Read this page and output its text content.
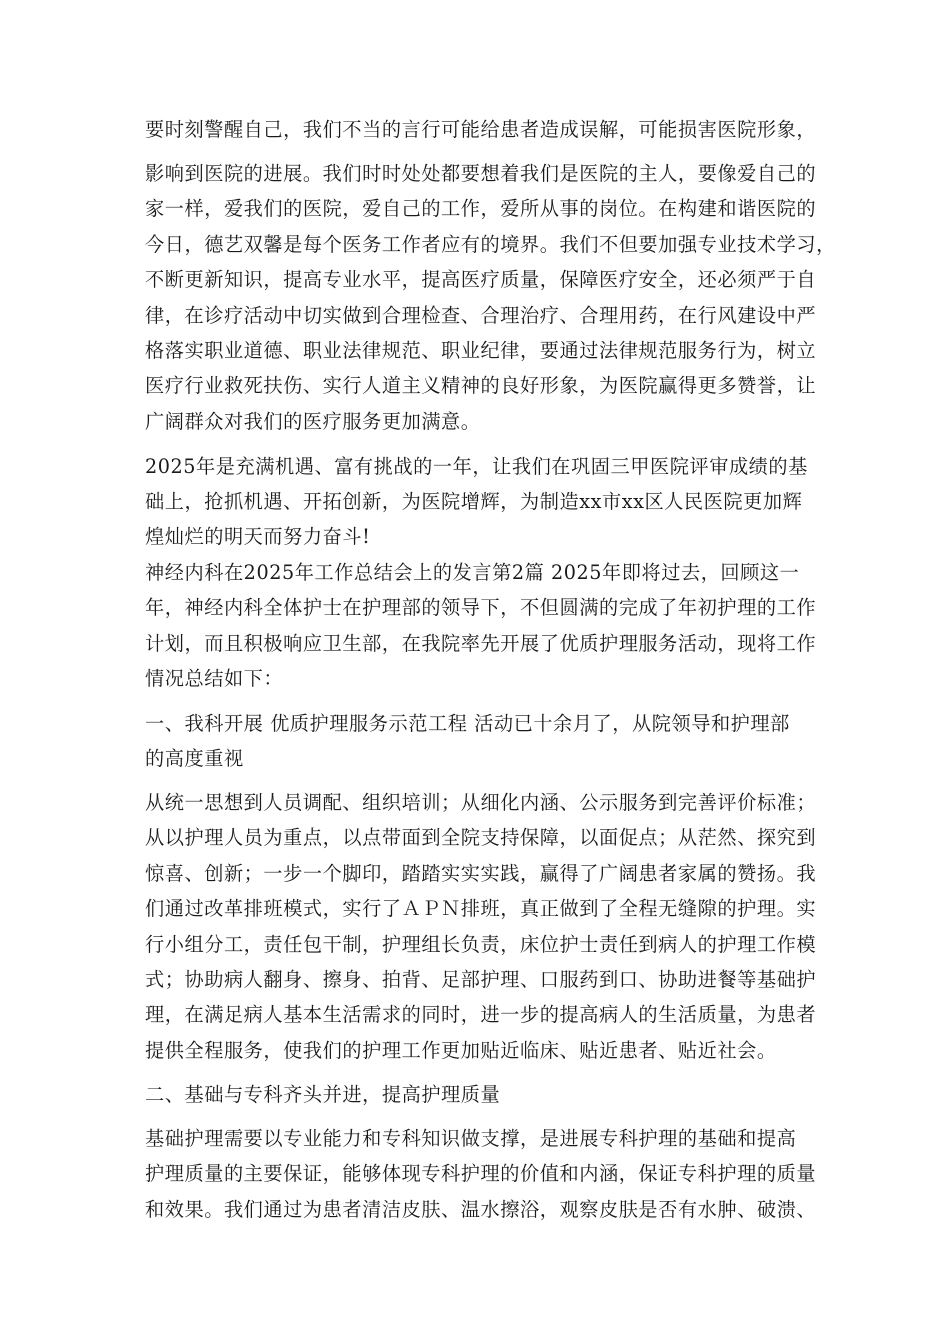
要时刻警醒自己，我们不当的言行可能给患者造成误解，可能损害医院形象，
影响到医院的进展。我们时时处处都要想着我们是医院的主人，要像爱自己的
家一样，爱我们的医院，爱自己的工作，爱所从事的岗位。在构建和谐医院的
今日，德艺双馨是每个医务工作者应有的境界。我们不但要加强专业技术学习，
不断更新知识，提高专业水平，提高医疗质量，保障医疗安全，还必须严于自
律，在诊疗活动中切实做到合理检查、合理治疗、合理用药，在行风建设中严
格落实职业道德、职业法律规范、职业纪律，要通过法律规范服务行为，树立
医疗行业救死扶伤、实行人道主义精神的良好形象，为医院赢得更多赞誉，让
广阔群众对我们的医疗服务更加满意。
2025年是充满机遇、富有挑战的一年，让我们在巩固三甲医院评审成绩的基
础上，抢抓机遇、开拓创新，为医院增辉，为制造xx市xx区人民医院更加辉
煌灿烂的明天而努力奋斗!
神经内科在2025年工作总结会上的发言第2篇 2025年即将过去，回顾这一
年，神经内科全体护士在护理部的领导下，不但圆满的完成了年初护理的工作
计划，而且积极响应卫生部，在我院率先开展了优质护理服务活动，现将工作
情况总结如下：
一、我科开展 优质护理服务示范工程 活动已十余月了，从院领导和护理部
的高度重视
从统一思想到人员调配、组织培训；从细化内涵、公示服务到完善评价标准；
从以护理人员为重点，以点带面到全院支持保障，以面促点；从茫然、探究到
惊喜、创新；一步一个脚印，踏踏实实实践，赢得了广阔患者家属的赞扬。我
们通过改革排班模式，实行了ＡＰＮ排班，真正做到了全程无缝隙的护理。实
行小组分工，责任包干制，护理组长负责，床位护士责任到病人的护理工作模
式；协助病人翻身、擦身、拍背、足部护理、口服药到口、协助进餐等基础护
理，在满足病人基本生活需求的同时，进一步的提高病人的生活质量，为患者
提供全程服务，使我们的护理工作更加贴近临床、贴近患者、贴近社会。
二、基础与专科齐头并进，提高护理质量
基础护理需要以专业能力和专科知识做支撑，是进展专科护理的基础和提高
护理质量的主要保证，能够体现专科护理的价值和内涵，保证专科护理的质量
和效果。我们通过为患者清洁皮肤、温水擦浴，观察皮肤是否有水肿、破溃、
